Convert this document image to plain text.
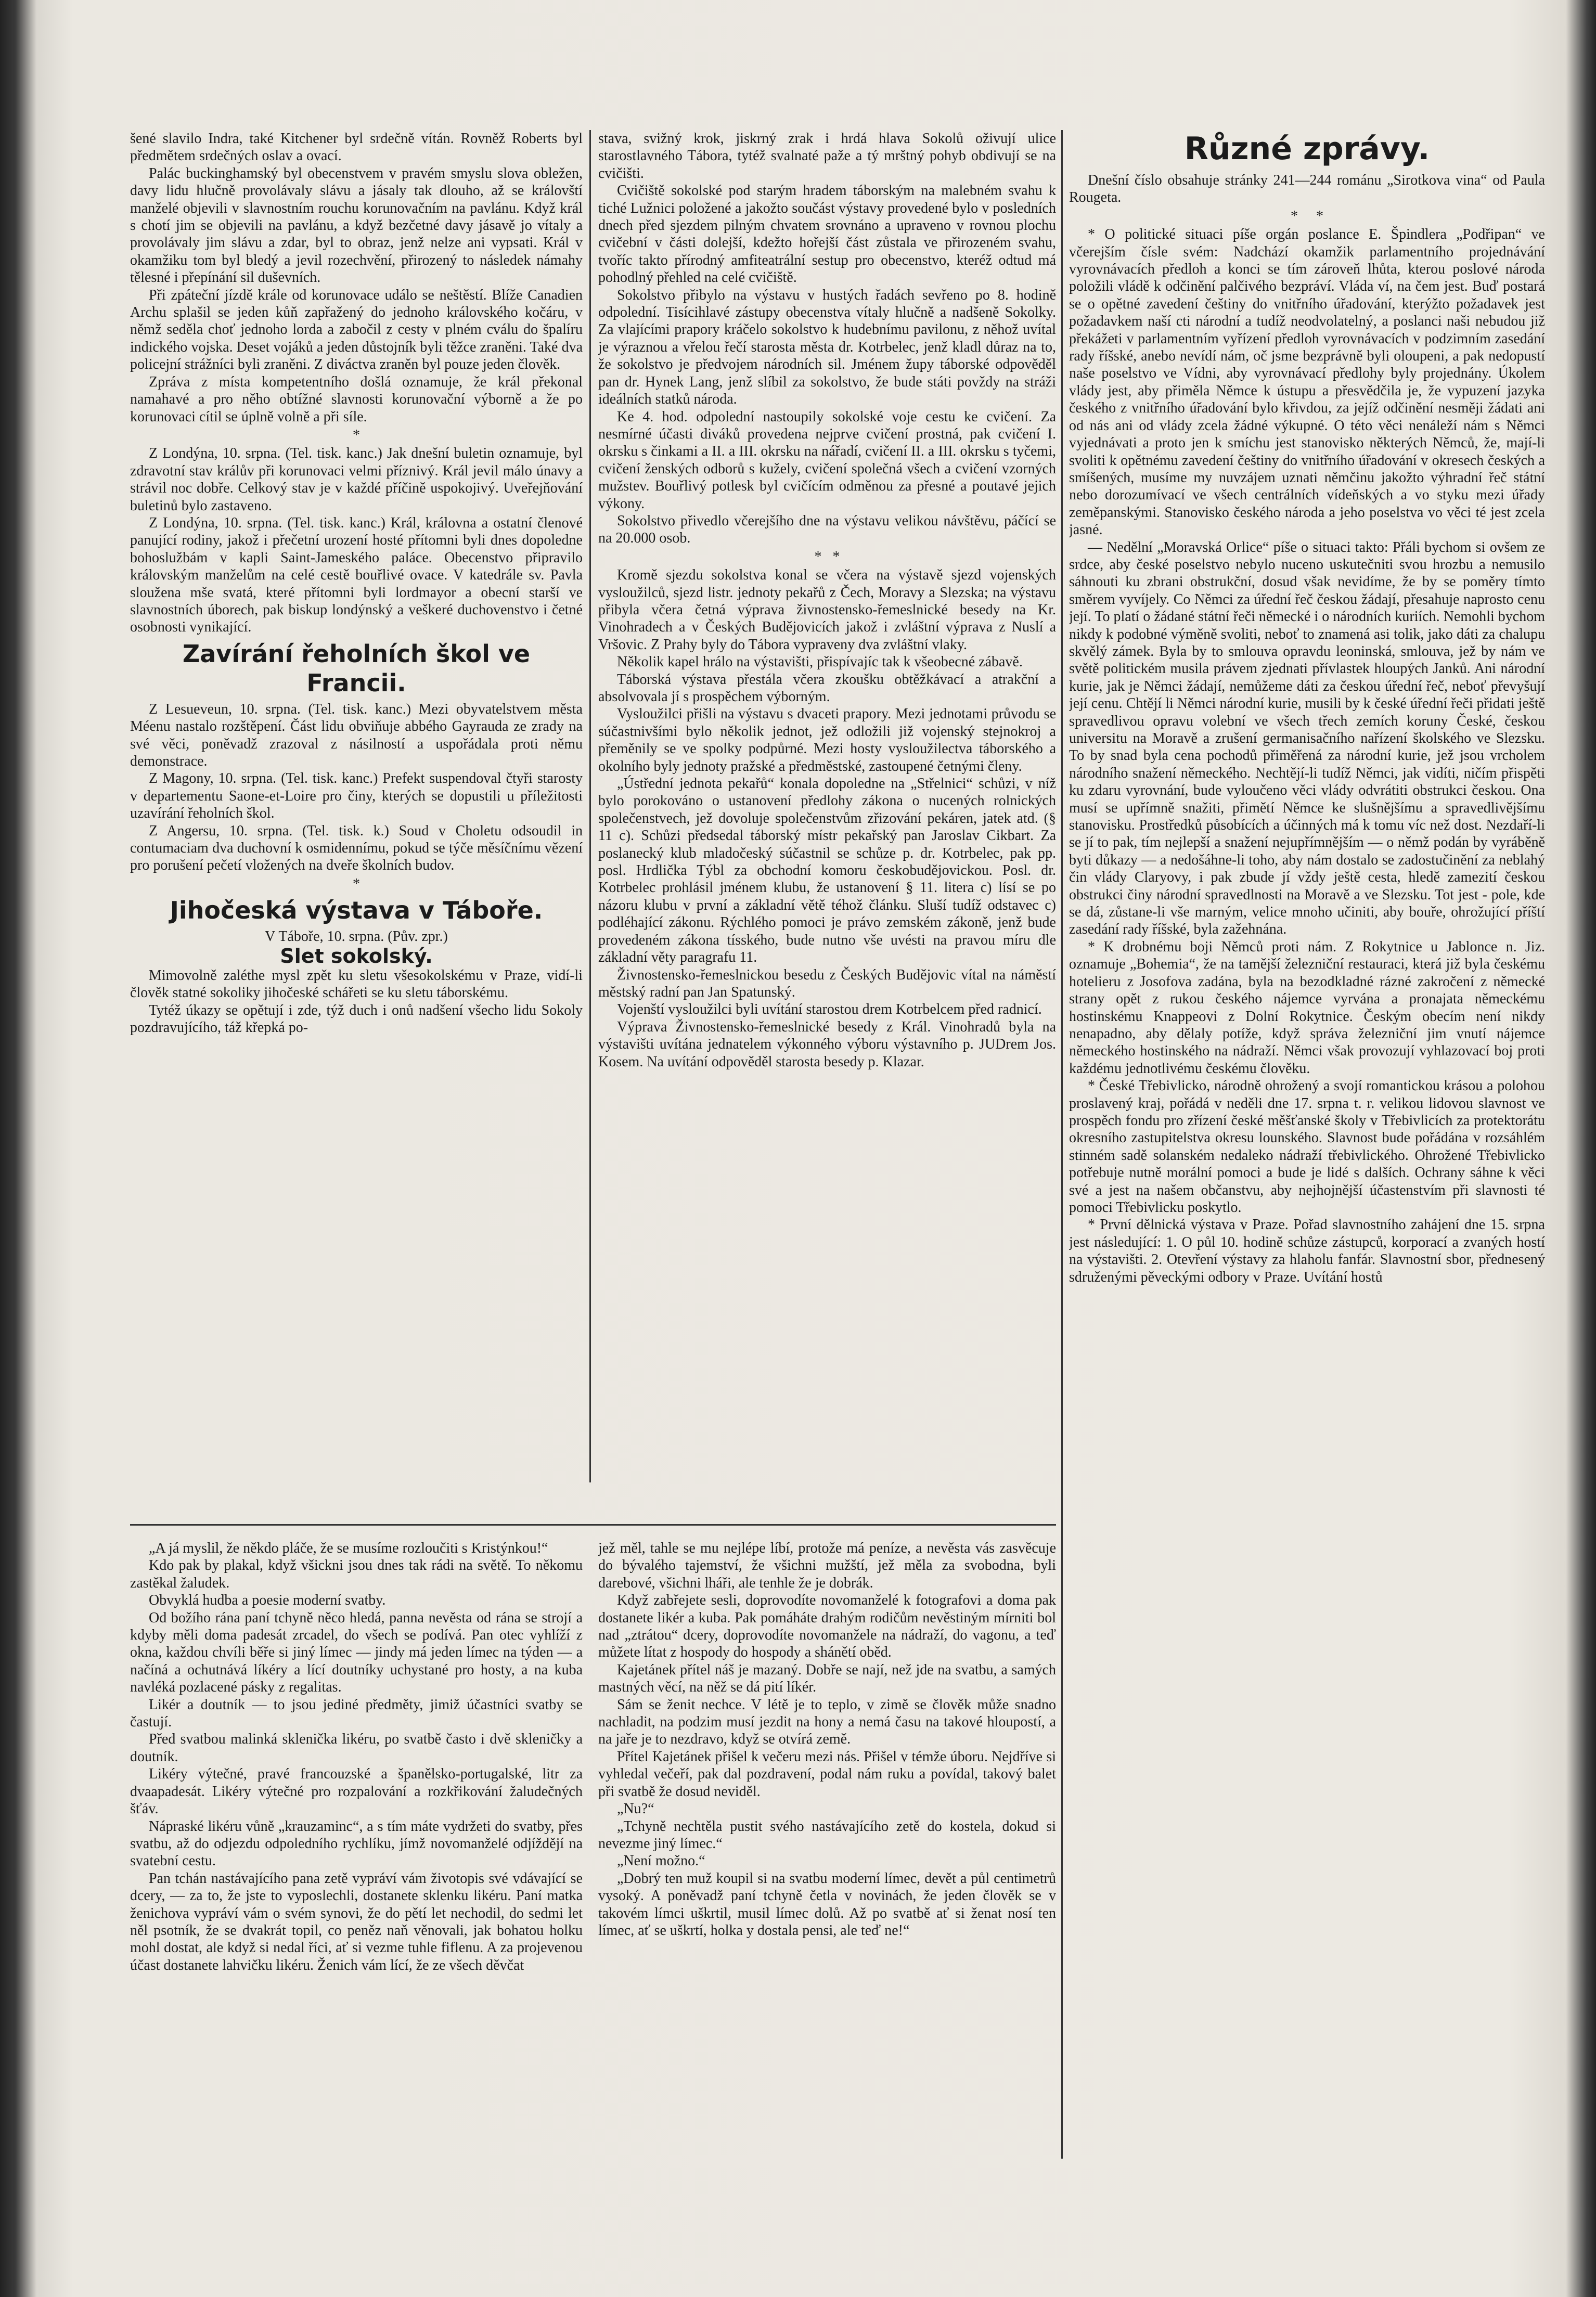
šené slavilo Indra, také Kitchener byl srdečně vítán. Rovněž Roberts byl předmětem srdečných oslav a ovací.

Palác buckinghamský byl obecenstvem v pravém smyslu slova obležen, davy lidu hlučně provolávaly slávu a jásaly tak dlouho, až se královští manželé objevili v slavnostním rouchu korunovačním na pavlánu. Když král s chotí jim se objevili na pavlánu, a když bezčetné davy jásavě jo vítaly a provolávaly jim slávu a zdar, byl to obraz, jenž nelze ani vypsati. Král v okamžiku tom byl bledý a jevil rozechvění, přirozený to následek námahy tělesné i přepínání sil duševních.

Při zpáteční jízdě krále od korunovace událo se neštěstí. Blíže Canadien Archu splašil se jeden kůň zapřažený do jednoho královského kočáru, v němž seděla choť jednoho lorda a zabočil z cesty v plném cválu do špalíru indického vojska. Deset vojáků a jeden důstojník byli těžce zraněni. Také dva policejní strážníci byli zraněni. Z diváctva zraněn byl pouze jeden člověk.

Zpráva z místa kompetentního došlá oznamuje, že král překonal namahavé a pro něho obtížné slavnosti korunovační výborně a že po korunovaci cítil se úplně volně a při síle.

*

Z Londýna, 10. srpna. (Tel. tisk. kanc.) Jak dnešní buletin oznamuje, byl zdravotní stav králův při korunovaci velmi příznivý. Král jevil málo únavy a strávil noc dobře. Celkový stav je v každé příčině uspokojivý. Uveřejňování buletinů bylo zastaveno.

Z Londýna, 10. srpna. (Tel. tisk. kanc.) Král, královna a ostatní členové panující rodiny, jakož i přečetní urození hosté přítomni byli dnes dopoledne bohoslužbám v kapli Saint-Jameského paláce. Obecenstvo připravilo královským manželům na celé cestě bouřlivé ovace. V katedrále sv. Pavla sloužena mše svatá, které přítomni byli lordmayor a obecní starší ve slavnostních úborech, pak biskup londýnský a veškeré duchovenstvo i četné osobnosti vynikající.

Zavírání řeholních škol ve Francii.

Z Lesueveun, 10. srpna. (Tel. tisk. kanc.) Mezi obyvatelstvem města Méenu nastalo rozštěpení. Část lidu obviňuje abbého Gayrauda ze zrady na své věci, poněvadž zrazoval z násilností a uspořádala proti němu demonstrace.

Z Magony, 10. srpna. (Tel. tisk. kanc.) Prefekt suspendoval čtyři starosty v departementu Saone-et-Loire pro činy, kterých se dopustili u příležitosti uzavírání řeholních škol.

Z Angersu, 10. srpna. (Tel. tisk. k.) Soud v Choletu odsoudil in contumaciam dva duchovní k osmidennímu, pokud se týče měsíčnímu vězení pro porušení pečetí vložených na dveře školních budov.

*

Jihočeská výstava v Táboře.

V Táboře, 10. srpna. (Pův. zpr.)

Slet sokolský.

Mimovolně zaléthe mysl zpět ku sletu všesokolskému v Praze, vidí-li člověk statné sokoliky jihočeské schářeti se ku sletu táborskému.

Tytéž úkazy se opětují i zde, týž duch i onů nadšení všecho lidu Sokoly pozdravujícího, táž křepká po-

stava, svižný krok, jiskrný zrak i hrdá hlava Sokolů oživují ulice starostlavného Tábora, tytéž svalnaté paže a tý mrštný pohyb obdivují se na cvičišti.

Cvičiště sokolské pod starým hradem táborským na malebném svahu k tiché Lužnici položené a jakožto součást výstavy provedené bylo v posledních dnech před sjezdem pilným chvatem srovnáno a upraveno v rovnou plochu cvičební v části dolejší, kdežto hořejší část zůstala ve přirozeném svahu, tvoříc takto přírodný amfiteatrální sestup pro obecenstvo, kteréž odtud má pohodlný přehled na celé cvičiště.

Sokolstvo přibylo na výstavu v hustých řadách sevřeno po 8. hodině odpolední. Tisícihlavé zástupy obecenstva vítaly hlučně a nadšeně Sokolky. Za vlajícími prapory kráčelo sokolstvo k hudebnímu pavilonu, z něhož uvítal je výraznou a vřelou řečí starosta města dr. Kotrbelec, jenž kladl důraz na to, že sokolstvo je předvojem národních sil. Jménem župy táborské odpověděl pan dr. Hynek Lang, jenž slíbil za sokolstvo, že bude státi povždy na stráži ideálních statků národa.

Ke 4. hod. odpolední nastoupily sokolské voje cestu ke cvičení. Za nesmírné účasti diváků provedena nejprve cvičení prostná, pak cvičení I. okrsku s činkami a II. a III. okrsku na nářadí, cvičení II. a III. okrsku s tyčemi, cvičení ženských odborů s kužely, cvičení společná všech a cvičení vzorných mužstev. Bouřlivý potlesk byl cvičícím odměnou za přesné a poutavé jejich výkony.

Sokolstvo přivedlo včerejšího dne na výstavu velikou návštěvu, páčící se na 20.000 osob.

*   *

Kromě sjezdu sokolstva konal se včera na výstavě sjezd vojenských vysloužilců, sjezd listr. jednoty pekařů z Čech, Moravy a Slezska; na výstavu přibyla včera četná výprava živnostensko-řemeslnické besedy na Kr. Vinohradech a v Českých Budějovicích jakož i zvláštní výprava z Nuslí a Vršovic. Z Prahy byly do Tábora vypraveny dva zvláštní vlaky.

Několik kapel hrálo na výstavišti, přispívajíc tak k všeobecné zábavě.

Táborská výstava přestála včera zkoušku obtěžkávací a atrakční a absolvovala jí s prospěchem výborným.

Vysloužilci přišli na výstavu s dvaceti prapory. Mezi jednotami průvodu se súčastnivšími bylo několik jednot, jež odložili již vojenský stejnokroj a přeměnily se ve spolky podpůrné. Mezi hosty vysloužilectva táborského a okolního byly jednoty pražské a předměstské, zastoupené četnými členy.

„Ústřední jednota pekařů“ konala dopoledne na „Střelnici“ schůzi, v níž bylo porokováno o ustanovení předlohy zákona o nucených rolnických společenstvech, jež dovoluje společenstvům zřizování pekáren, jatek atd. (§ 11 c). Schůzi předsedal táborský místr pekařský pan Jaroslav Cikbart. Za poslanecký klub mladočeský súčastnil se schůze p. dr. Kotrbelec, pak pp. posl. Hrdlička Týbl za obchodní komoru českobudějovickou. Posl. dr. Kotrbelec prohlásil jménem klubu, že ustanovení § 11. litera c) lísí se po názoru klubu v první a základní větě téhož článku. Sluší tudíž odstavec c) podléhající zákonu. Rýchlého pomoci je právo zemském zákoně, jenž bude provedeném zákona tísského, bude nutno vše uvésti na pravou míru dle základní věty paragrafu 11.

Živnostensko-řemeslnickou besedu z Českých Budějovic vítal na náměstí městský radní pan Jan Spatunský.

Vojenští vysloužilci byli uvítání starostou drem Kotrbelcem před radnicí.

Výprava Živnostensko-řemeslnické besedy z Král. Vinohradů byla na výstavišti uvítána jednatelem výkonného výboru výstavního p. JUDrem Jos. Kosem. Na uvítání odpověděl starosta besedy p. Klazar.

„A já myslil, že někdo pláče, že se musíme rozloučiti s Kristýnkou!“

Kdo pak by plakal, když všickni jsou dnes tak rádi na světě. To někomu zastěkal žaludek.

Obvyklá hudba a poesie moderní svatby.

Od božího rána paní tchyně něco hledá, panna nevěsta od rána se strojí a kdyby měli doma padesát zrcadel, do všech se podívá. Pan otec vyhlíží z okna, každou chvíli běře si jiný límec — jindy má jeden límec na týden — a načíná a ochutnává líkéry a lící doutníky uchystané pro hosty, a na kuba navléká pozlacené pásky z regalitas.

Likér a doutník — to jsou jediné předměty, jimiž účastníci svatby se častují.

Před svatbou malinká sklenička likéru, po svatbě často i dvě skleničky a doutník.

Likéry výtečné, pravé francouzské a španělsko-portugalské, litr za dvaapadesát. Likéry výtečné pro rozpalování a rozkřikování žaludečných šťáv.

Nápraské likéru vůně „krauzaminc“, a s tím máte vydržeti do svatby, přes svatbu, až do odjezdu odpoledního rychlíku, jímž novomanželé odjíždějí na svatební cestu.

Pan tchán nastávajícího pana zetě vypráví vám životopis své vdávající se dcery, — za to, že jste to vyposlechli, dostanete sklenku likéru. Paní matka ženichova vypráví vám o svém synovi, že do pětí let nechodil, do sedmi let něl psotník, že se dvakrát topil, co peněz naň věnovali, jak bohatou holku mohl dostat, ale když si nedal říci, ať si vezme tuhle fiflenu. A za projevenou účast dostanete lahvičku likéru. Ženich vám lící, že ze všech děvčat

jež měl, tahle se mu nejlépe líbí, protože má peníze, a nevěsta vás zasvěcuje do bývalého tajemství, že všichni mužští, jež měla za svobodna, byli darebové, všichni lháři, ale tenhle že je dobrák.

Když zabřejete sesli, doprovodíte novomanželé k fotografovi a doma pak dostanete likér a kuba. Pak pomáháte drahým rodičům nevěstiným mírniti bol nad „ztrátou“ dcery, doprovodíte novomanžele na nádraží, do vagonu, a teď můžete lítat z hospody do hospody a shánětí oběd.

Kajetánek přítel náš je mazaný. Dobře se nají, než jde na svatbu, a samých mastných věcí, na něž se dá pití líkér.

Sám se ženit nechce. V létě je to teplo, v zimě se člověk může snadno nachladit, na podzim musí jezdit na hony a nemá času na takové hloupostí, a na jaře je to nezdravo, když se otvírá země.

Přítel Kajetánek přišel k večeru mezi nás. Přišel v témže úboru. Nejdříve si vyhledal večeří, pak dal pozdravení, podal nám ruku a povídal, takový balet při svatbě že dosud neviděl.

„Nu?“

„Tchyně nechtěla pustit svého nastávajícího zetě do kostela, dokud si nevezme jiný límec.“

„Není možno.“

„Dobrý ten muž koupil si na svatbu moderní límec, devět a půl centimetrů vysoký. A poněvadž paní tchyně četla v novinách, že jeden člověk se v takovém límci uškrtil, musil límec dolů. Až po svatbě ať si ženat nosí ten límec, ať se uškrtí, holka y dostala pensi, ale teď ne!“

Různé zprávy.

Dnešní číslo obsahuje stránky 241—244 románu „Sirotkova vina“ od Paula Rougeta.

*     *

* O politické situaci píše orgán poslance E. Špindlera „Podřipan“ ve včerejším čísle svém: Nadchází okamžik parlamentního projednávání vyrovnávacích předloh a konci se tím zároveň lhůta, kterou poslové národa položili vládě k odčinění palčivého bezpráví. Vláda ví, na čem jest. Buď postará se o opětné zavedení češtiny do vnitřního úřadování, kterýžto požadavek jest požadavkem naší cti národní a tudíž neodvolatelný, a poslanci naši nebudou již překážeti v parlamentním vyřízení předloh vyrovnávacích v podzimním zasedání rady říšské, anebo nevídí nám, oč jsme bezprávně byli oloupeni, a pak nedopustí naše poselstvo ve Vídni, aby vyrovnávací předlohy byly projednány. Úkolem vlády jest, aby přiměla Němce k ústupu a přesvědčila je, že vypuzení jazyka českého z vnitřního úřadování bylo křivdou, za jejíž odčinění nesměji žádati ani od nás ani od vlády zcela žádné výkupné. O této věci nenáleží nám s Němci vyjednávati a proto jen k smíchu jest stanovisko některých Němců, že, mají-li svoliti k opětnému zavedení češtiny do vnitřního úřadování v okresech českých a smíšených, musíme my nuvzájem uznati němčinu jakožto výhradní řeč státní nebo dorozumívací ve všech centrálních vídeňských a vo styku mezi úřady zeměpanskými. Stanovisko českého národa a jeho poselstva vo věci té jest zcela jasné.

— Nedělní „Moravská Orlice“ píše o situaci takto: Přáli bychom si ovšem ze srdce, aby české poselstvo nebylo nuceno uskutečniti svou hrozbu a nemusilo sáhnouti ku zbrani obstrukční, dosud však nevidíme, že by se poměry tímto směrem vyvíjely. Co Němci za úřední řeč českou žádají, přesahuje naprosto cenu její. To platí o žádané státní řeči německé i o národních kuriích. Nemohli bychom nikdy k podobné výměně svoliti, neboť to znamená asi tolik, jako dáti za chalupu skvělý zámek. Byla by to smlouva opravdu leoninská, smlouva, jež by nám ve světě politickém musila právem zjednati přívlastek hloupých Janků. Ani národní kurie, jak je Němci žádají, nemůžeme dáti za českou úřední řeč, neboť převyšují její cenu. Chtějí li Němci národní kurie, musili by k české úřední řeči přidati ještě spravedlivou opravu volební ve všech třech zemích koruny České, českou universitu na Moravě a zrušení germanisačního nařízení školského ve Slezsku. To by snad byla cena pochodů přiměřená za národní kurie, jež jsou vrcholem národního snažení německého. Nechtějí-li tudíž Němci, jak vidíti, ničím přispěti ku zdaru vyrovnání, bude vyloučeno věci vlády odvrátiti obstrukci českou. Ona musí se upřímně snažiti, přimětí Němce ke slušnějšímu a spravedlivějšímu stanovisku. Prostředků působících a účinných má k tomu víc než dost. Nezdaří-li se jí to pak, tím nejlepší a snažení nejupřímnějším — o němž podán by vyráběně byti důkazy — a nedošáhne-li toho, aby nám dostalo se zadostučinění za neblahý čin vlády Claryovy, i pak zbude jí vždy ještě cesta, hledě zamezití českou obstrukci činy národní spravedlnosti na Moravě a ve Slezsku. Tot jest - pole, kde se dá, zůstane-li vše marným, velice mnoho učiniti, aby bouře, ohrožující příští zasedání rady říšské, byla zažehnána.

* K drobnému boji Němců proti nám. Z Rokytnice u Jablonce n. Jiz. oznamuje „Bohemia“, že na tamější železniční restauraci, která již byla českému hotelieru z Josofova zadána, byla na bezodkladné rázné zakročení z německé strany opět z rukou českého nájemce vyrvána a pronajata německému hostinskému Knappeovi z Dolní Rokytnice. Českým obecím není nikdy nenapadno, aby dělaly potíže, když správa železniční jim vnutí nájemce německého hostinského na nádraží. Němci však provozují vyhlazovací boj proti každému jednotlivému českému člověku.

* České Třebivlicko, národně ohrožený a svojí romantickou krásou a polohou proslavený kraj, pořádá v neděli dne 17. srpna t. r. velikou lidovou slavnost ve prospěch fondu pro zřízení české měšťanské školy v Třebivlicích za protektorátu okresního zastupitelstva okresu lounského. Slavnost bude pořádána v rozsáhlém stinném sadě solanském nedaleko nádraží třebivlického. Ohrožené Třebivlicko potřebuje nutně morální pomoci a bude je lidé s dalších. Ochrany sáhne k věci své a jest na našem občanstvu, aby nejhojnější účastenstvím při slavnosti té pomoci Třebivlicku poskytlo.

* První dělnická výstava v Praze. Pořad slavnostního zahájení dne 15. srpna jest následující: 1. O půl 10. hodině schůze zástupců, korporací a zvaných hostí na výstavišti. 2. Otevření výstavy za hlaholu fanfár. Slavnostní sbor, přednesený sdruženými pěveckými odbory v Praze. Uvítání hostů
